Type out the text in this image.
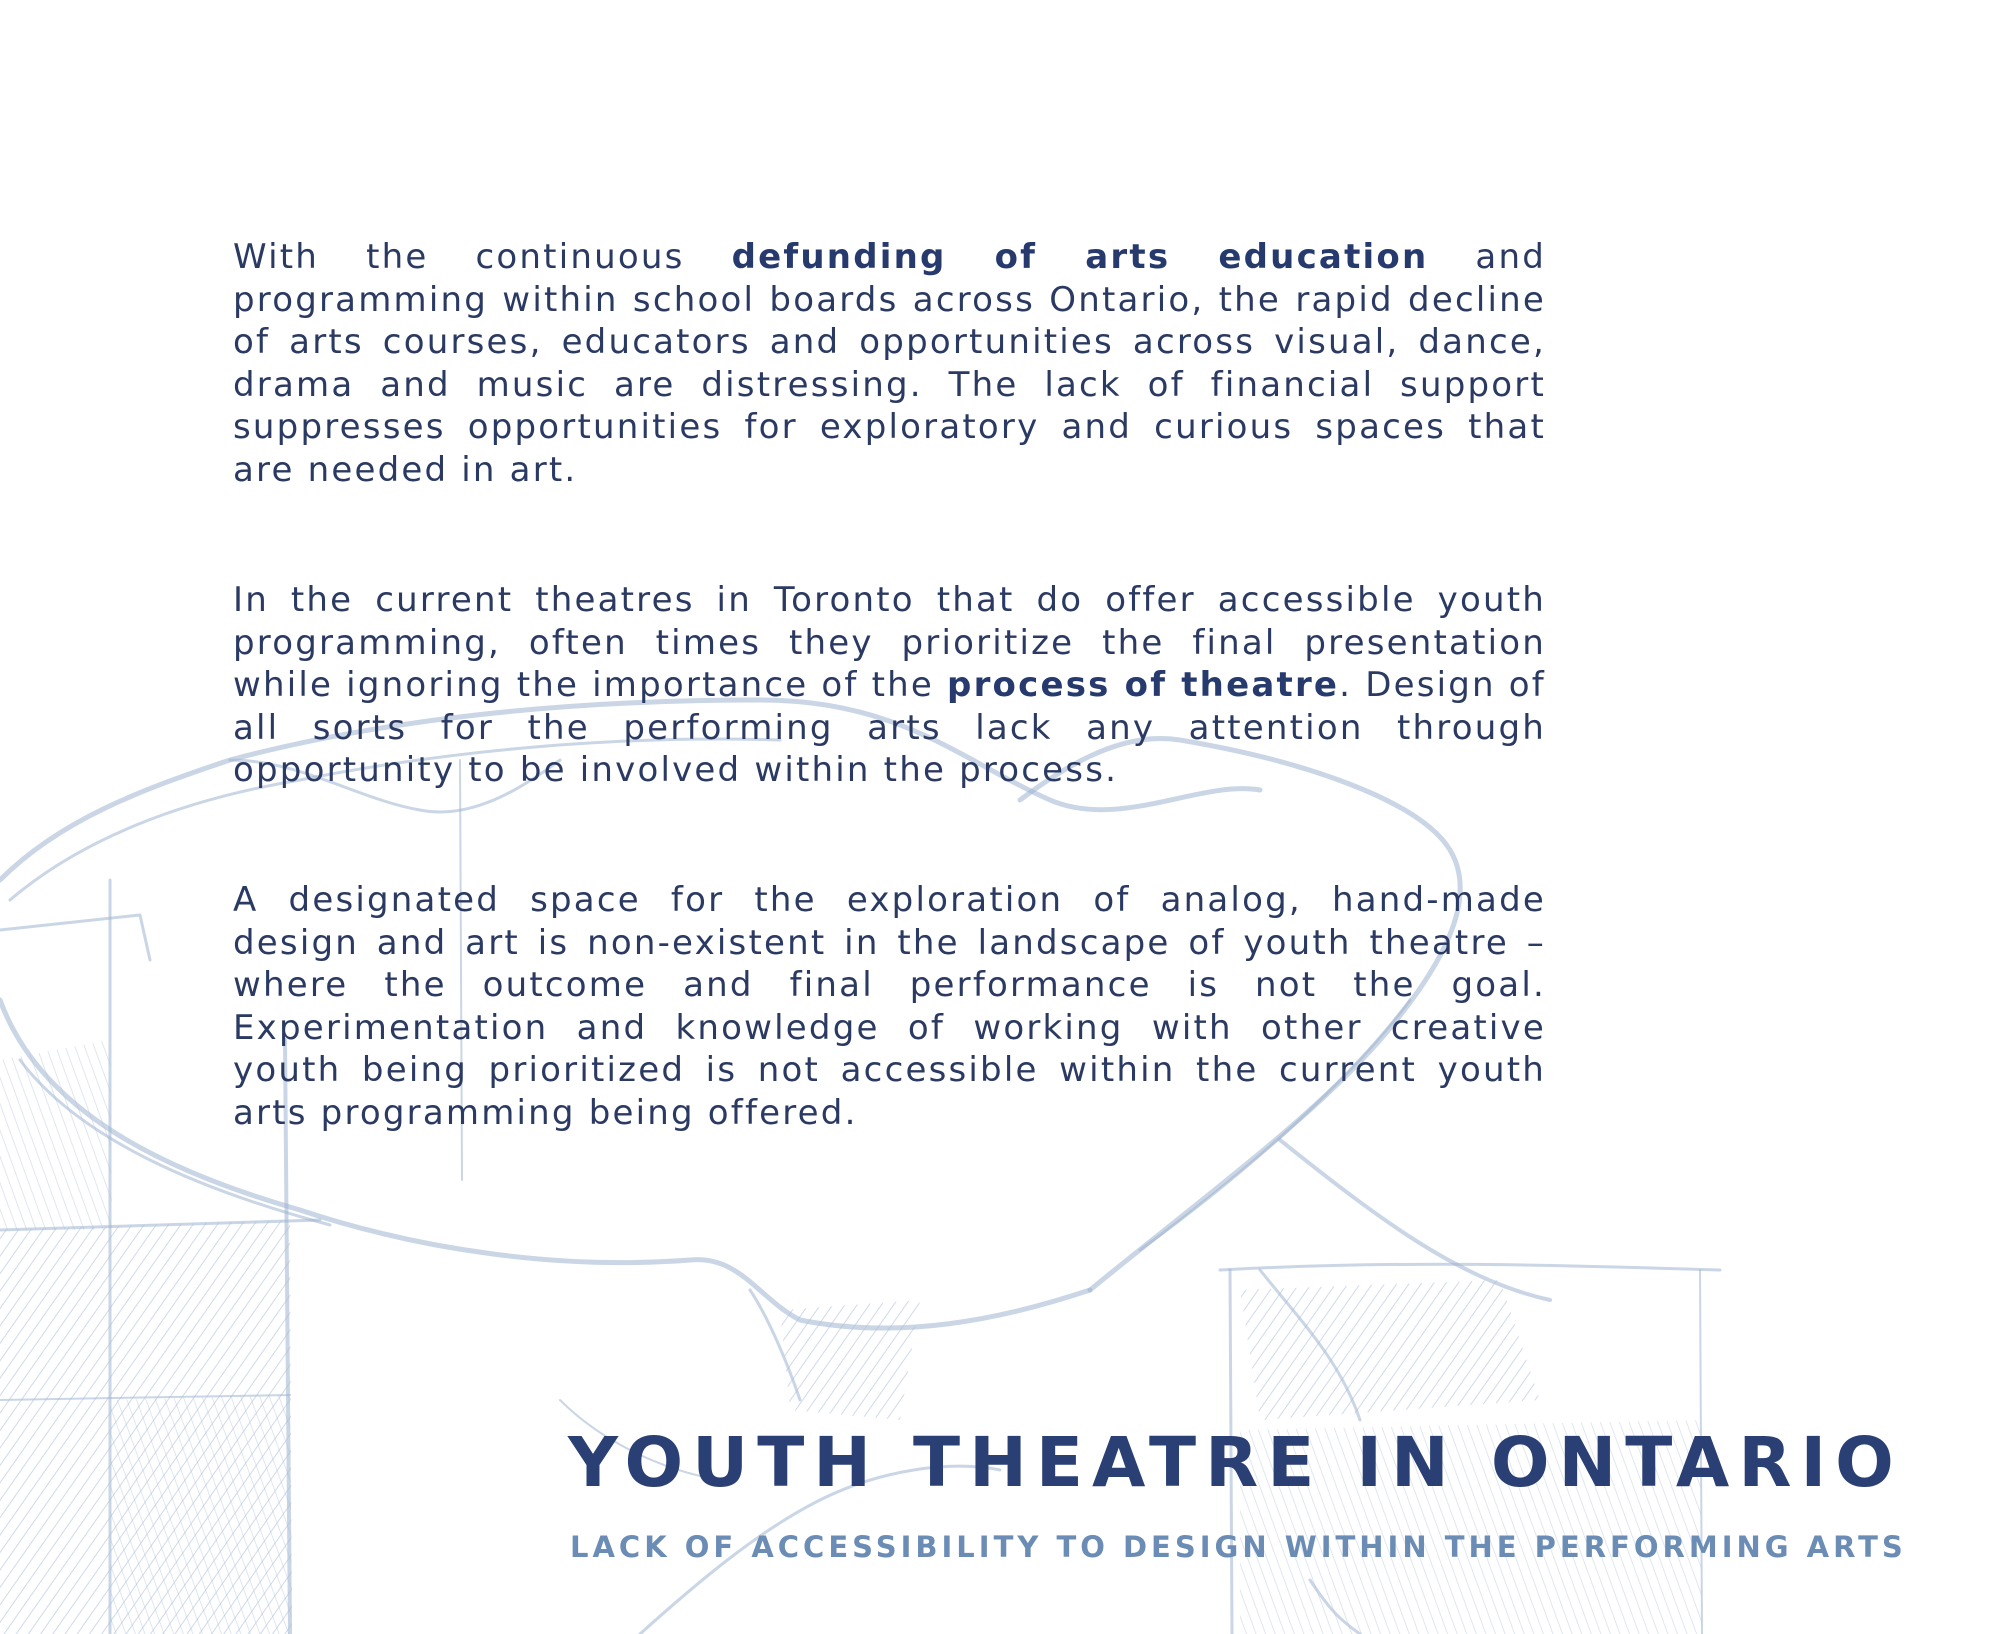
With the continuous defunding of arts education and programming within school boards across Ontario, the rapid decline of arts courses, educators and opportunities across visual, dance, drama and music are distressing. The lack of financial support suppresses opportunities for exploratory and curious spaces that are needed in art.

In the current theatres in Toronto that do offer accessible youth programming, often times they prioritize the final presentation while ignoring the importance of the process of theatre. Design of all sorts for the performing arts lack any attention through opportunity to be involved within the process.

A designated space for the exploration of analog, hand-made design and art is non-existent in the landscape of youth theatre – where the outcome and final performance is not the goal. Experimentation and knowledge of working with other creative youth being prioritized is not accessible within the current youth arts programming being offered.

YOUTH THEATRE IN ONTARIO
LACK OF ACCESSIBILITY TO DESIGN WITHIN THE PERFORMING ARTS
